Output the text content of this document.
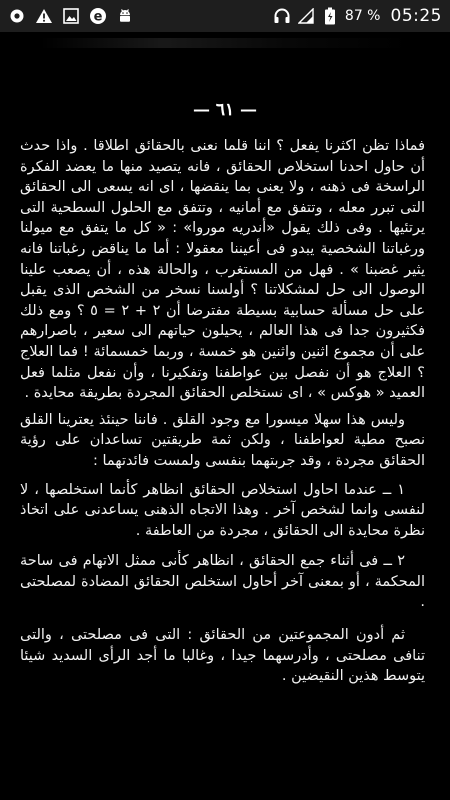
e	87 % 05:25
— ٦١ —

فماذا تظن اكثرنا يفعل ؟ اننا قلما نعنى بالحقائق اطلاقا . واذا حدث أن حاول احدنا استخلاص الحقائق ، فانه يتصيد منها ما يعضد الفكرة الراسخة فى ذهنه ، ولا يعنى بما ينقضها ، اى انه يسعى الى الحقائق التى تبرر معله ، وتتفق مع أمانيه ، وتتفق مع الحلول السطحية التى يرتئيها . وفى ذلك يقول «أندريه موروا» : « كل ما يتفق مع ميولنا ورغباتنا الشخصية يبدو فى أعيننا معقولا : أما ما يناقض رغباتنا فانه يثير غضبنا » . فهل من المستغرب ، والحالة هذه ، أن يصعب علينا الوصول الى حل لمشكلاتنا ؟ أولسنا نسخر من الشخص الذى يقبل على حل مسألة حسابية بسيطة مفترضا أن ٢ + ٢ = ٥ ؟ ومع ذلك فكثيرون جدا فى هذا العالم ، يحيلون حياتهم الى سعير ، باصرارهم على أن مجموع اثنين واثنين هو خمسة ، وربما خمسمائة ! فما العلاج ؟ العلاج هو أن نفصل بين عواطفنا وتفكيرنا ، وأن نفعل مثلما فعل العميد « هوكس » ، اى نستخلص الحقائق المجردة بطريقة محايدة .

وليس هذا سهلا ميسورا مع وجود القلق . فاننا حينئذ يعترينا القلق نصبح مطية لعواطفنا ، ولكن ثمة طريقتين تساعدان على رؤية الحقائق مجردة ، وقد جربتهما بنفسى ولمست فائدتهما :

١ ــ عندما احاول استخلاص الحقائق انظاهر كأنما استخلصها ، لا لنفسى وانما لشخص آخر . وهذا الاتجاه الذهنى يساعدنى على اتخاذ نظرة محايدة الى الحقائق ، مجردة من العاطفة .

٢ ــ فى أثناء جمع الحقائق ، انظاهر كأنى ممثل الاتهام فى ساحة المحكمة ، أو بمعنى آخر أحاول استخلص الحقائق المضادة لمصلحتى .

ثم أدون المجموعتين من الحقائق : التى فى مصلحتى ، والتى تنافى مصلحتى ، وأدرسهما جيدا ، وغالبا ما أجد الرأى السديد شيئا يتوسط هذين النقيضين .
